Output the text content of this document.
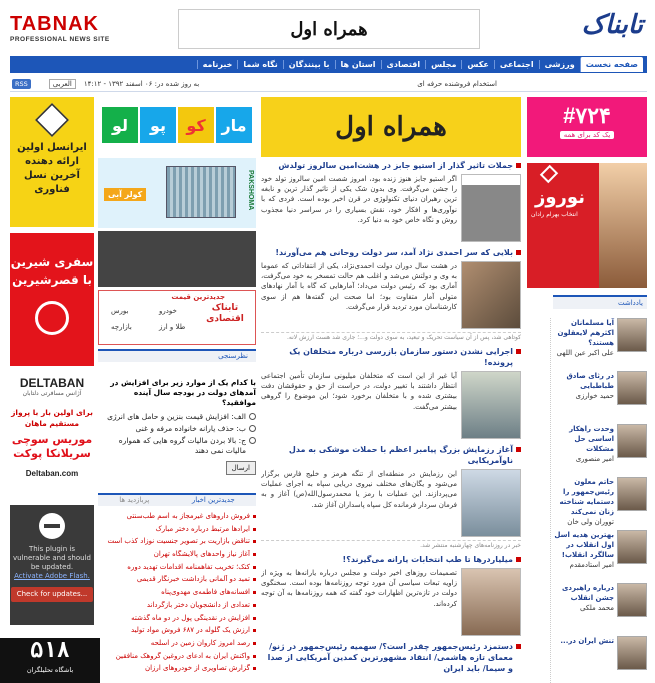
TABNAK
PROFESSIONAL NEWS SITE	همراه اول	تابناک
صفحه نخست
ورزشی
اجتماعی
عکس
مجلس
اقتصادی
استان ها
با بینندگان
نگاه شما
خبرنامه
RSS	العربی	به روز شده در: ۰۶ اسفند ۱۳۹۲ - ۱۴:۱۲	استخدام فروشنده حرفه ای
ایرانسل اولین ارائه دهنده آخرین نسل فناوری
سفری شیرین با قصرشیرین
DELTABAN
آژانس مسافرتی دلتابان
برای اولین بار با پرواز مستقیم ماهان
موریس سوچی سریلانکا پوکت
Deltaban.com
This plugin is vulnerable and should be updated.
Activate Adobe Flash.
Check for updates...
۵۱۸
باشگاه تحلیلگران
لو	پو	کو مار
کولر آبی	PAKSHOMA
جدیدترین قیمت
تابناک اقتصادی
خودرو
بورس
طلا و ارز
بازارچه
نظرسنجی
با کدام یک از موارد زیر برای افزایش در آمدهای دولت در بودجه سال آینده موافقید؟
الف: افزایش قیمت بنزین و حامل های انرژی
ب: حذف یارانه خانواده مرفه و غنی
ج: بالا بردن مالیات گروه هایی که همواره مالیات نمی دهند
ارسال
جدیدترین اخبار
پربازدید ها
فروش داروهای غیرمجاز به اسم طب‌سنتی
ایرادها مرتبط درباره دختر مبارک
تناقض بازاریت بر تصویر جنسیت نوزاد کذب است
آغاز نیاز واحد‌های پالایشگاه تهران
کتک؛ تخریب تفاهمنامه اقدامات تهدید دوره
تمید دو آلمانی بازداشت خبرنگار قدیمی
افسانه‌های فاطمه‌ی مهدوی‌پناه
تعدادی از دانشجویان دختر بازگرداند
افزایش در نقدینگی پول در دو ماه گذشته
ارزش یک گلوله در ۶۸۷ فروش مواد تولید
رصد امروز کاروان زمین در اسلحه
واکنش ایران به ادعای دروغین گروهک منافقین
گزارش تصاویری از خودروهای ارزان
همراه اول
جملات تاثیر گذار از استیو جابز در هشت‌امین سالروز تولدش
اگر استیو جابز هنوز زنده بود، امروز شصت امین سالروز تولد خود را جشن می‌گرفت. وی بدون شک یکی از تاثیر گذار ترین و نابغه ترین رهبران دنیای تکنولوژی در قرن اخیر بوده است. فردی که با نوآوری‌ها و افکار خود، نقش بسیاری را در سراسر دنیا مجذوب روش و نگاه خاص خود به دنیا کرد.
بلایی که سر احمدی نژاد آمد، سر دولت روحانی هم می‌آورند!
در هشت سال دوران دولت احمدی‌نژاد، یکی از انتقاداتی که عموما به وی و دولتش می‌شد و اغلب هم حالت تمسخر به خود می‌گرفت، آماری بود که رئیس دولت می‌داد؛ آمارهایی که گاه با آمار نهادهای متولی آمار متفاوت بود؛ اما صحت این گفته‌ها هم از سوی کارشناسان مورد تردید قرار می‌گرفت.
کوتاهی شد، پس از آن سیاست تحریک و تبعید، به سوی دولت و...؛ جاری شد هست ارزش لانه.
اجرایی نشدن دستور سازمان بازرسی درباره متخلفان یک پرونده!
آیا غیر از این است که متخلفان میلیونی سازمان تأمین اجتماعی انتظار داشتند با تغییر دولت، در حراست از حق و حقوقشان دفت بیشتری شده و با متخلفان برخورد شود؛ این موضوع را گروهی بیشتر می‌گفت.
آغاز رزمایش بزرگ پیامبر اعظم با حملات موشکی به مدل ناوآمریکایی
این رزمایش در منطقه‌ای از تنگه هرمز و خلیج فارس برگزار می‌شود و یگان‌های مختلف نیروی دریایی سپاه به اجرای عملیات می‌پردازند. این عملیات با رمز یا محمدرسول‌الله(ص) آغاز و به فرمان سردار فرمانده کل سپاه پاسداران آغاز شد.
خبر در روزنامه‌های چهارشنبه منتشر شد.
میلیاردرها تا طب انتخابات یارانه می‌گیرند؟!
تصمیمات روزهای اخیر دولت و مجلس درباره یارانه‌ها به ویژه از زاویه تبعات سیاسی آن مورد توجه روزنامه‌ها بوده است. سخنگوی دولت در تازه‌ترین اظهارات خود گفته که همه روزنامه‌ها به آن توجه کرده‌اند.
دستمزد رئیس‌جمهور چقدر است؟/ سهمیه رئیس‌جمهور در ژنو/ معمای تازه هاشمی/ انتقاد مشهورترین کمدین آمریکایی از صدا و سیما/ باید ایران
#۷۲۴
یک کد برای همه
نوروز
انتخاب بهرام رادان
یادداشت
آیا مسلمانان اکثرهم لایعقلون هستند؟
علی اکبر عین اللهی
در رثای صادق طباطبایی
حمید خوارزی
وحدت راهکار اساسی حل مشکلات
امیر منصوری
حاتم معلون رئیس‌جمهور را دستمایه‌ شناخته زنان نمی‌کند
تووران ولی خان
بهترین هدیه اسل اول انقلاب در سالگرد انقلاب!
امیر استادمقدم
درباره راهبردی جشن انقلاب
محمد ملکی
تنش ایران در...
